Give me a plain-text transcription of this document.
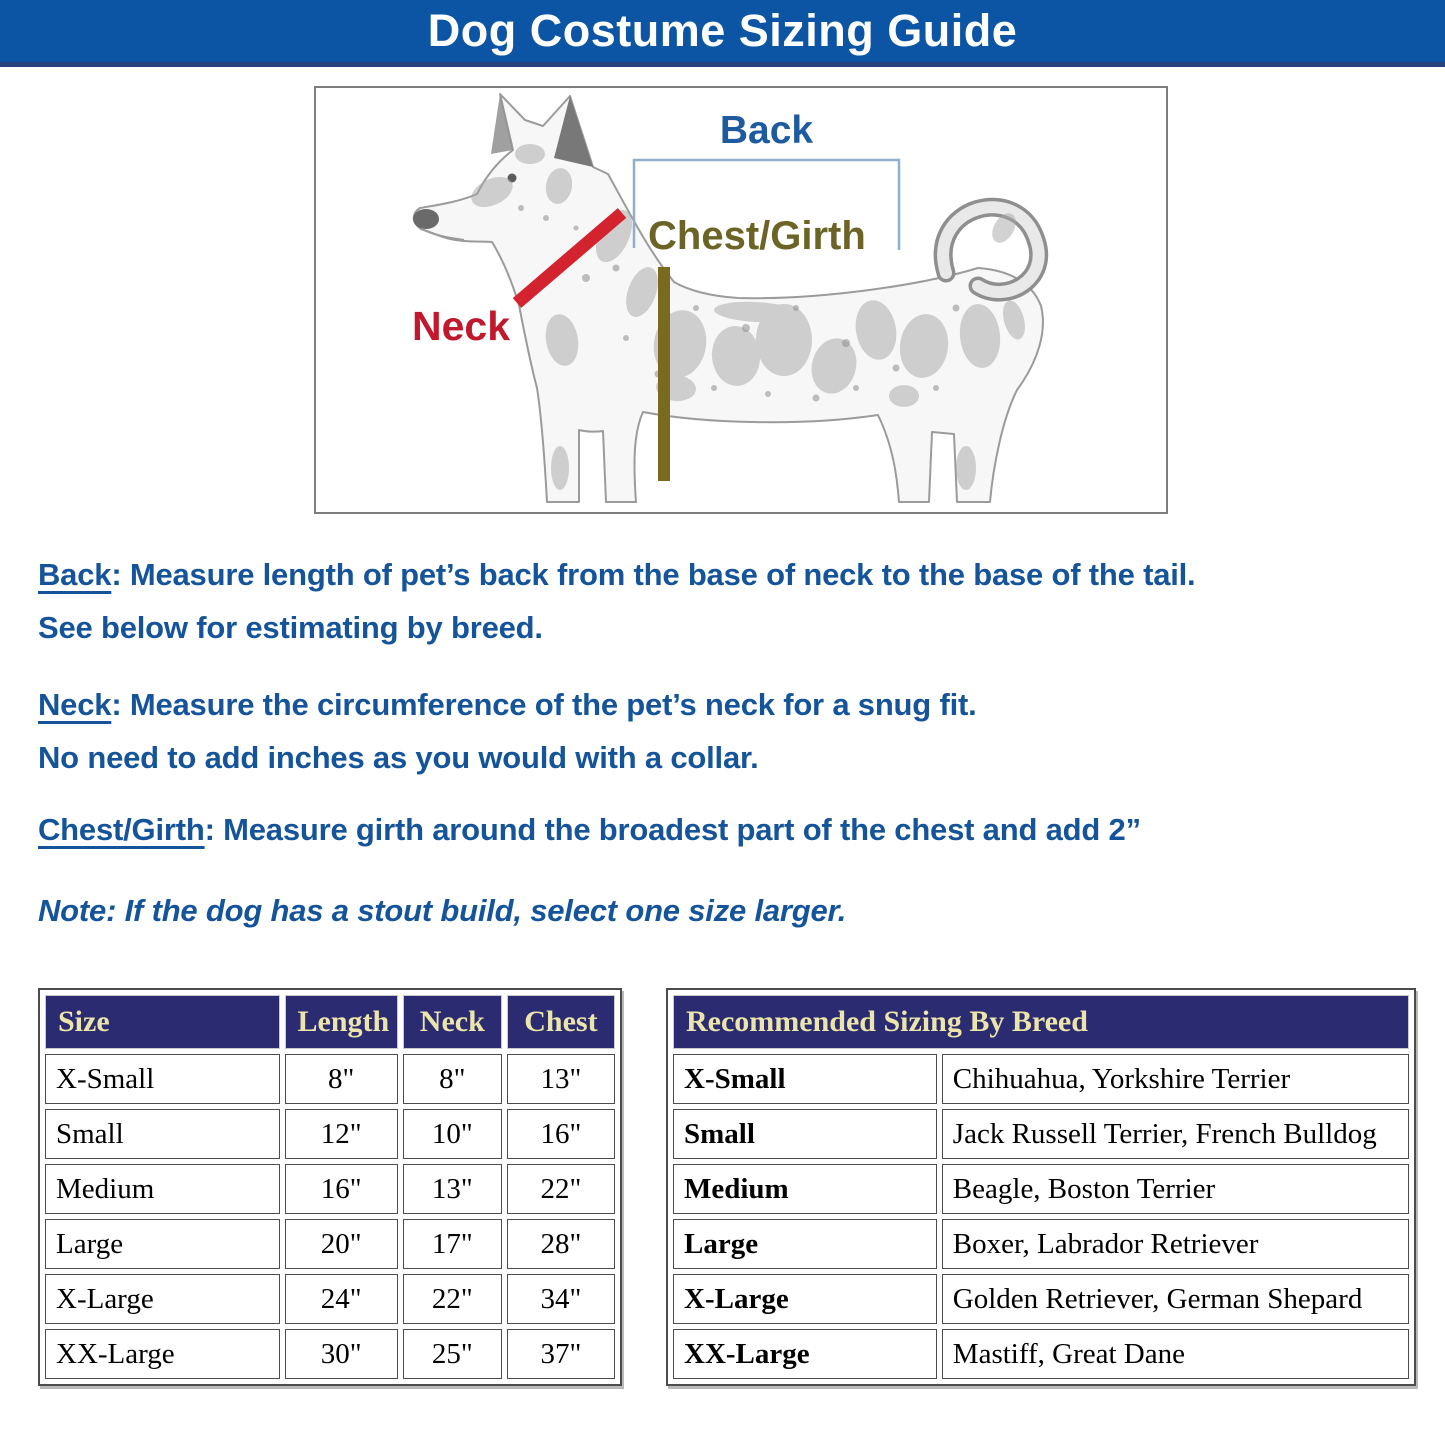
Dog Costume Sizing Guide
Back
Chest/Girth
Neck

Back: Measure length of pet’s back from the base of neck to the base of the tail.
See below for estimating by breed.

Neck: Measure the circumference of the pet’s neck for a snug fit.
No need to add inches as you would with a collar.

Chest/Girth: Measure girth around the broadest part of the chest and add 2”

Note: If the dog has a stout build, select one size larger.

Size	Length	Neck	Chest
X-Small	8"	8"	13"
Small	12"	10"	16"
Medium	16"	13"	22"
Large	20"	17"	28"
X-Large	24"	22"	34"
XX-Large	30"	25"	37"
Recommended Sizing By Breed	
X-Small	Chihuahua, Yorkshire Terrier
Small	Jack Russell Terrier, French Bulldog
Medium	Beagle, Boston Terrier
Large	Boxer, Labrador Retriever
X-Large	Golden Retriever, German Shepard
XX-Large	Mastiff, Great Dane
